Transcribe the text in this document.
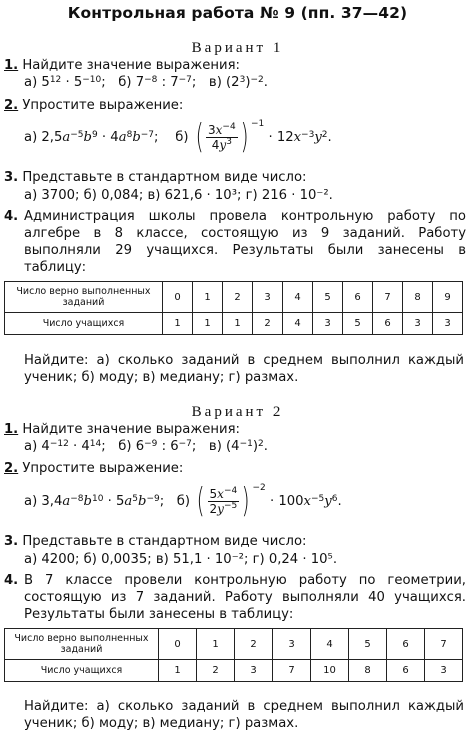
Контрольная работа № 9 (пп. 37—42)
Вариант 1
1. Найдите значение выражения:
а) $5^{12} \cdot 5^{-10}$;   б) $7^{-8}$ : $7^{-7}$;   в) $(2^3)^{-2}$.
2. Упростите выражение:
а) $2,5a^{-5}b^9 \cdot 4a^8b^{-7}$;    б) ( $\frac{3x^{-4}}{4y^3}$ ) $^{-1} \cdot 12x^{-3}y^2$.
3. Представьте в стандартном виде число:
а) 3700; б) 0,084; в) 621,6 · 10³; г) 216 · 10⁻².
4. Администрация школы провела контрольную работу по алгебре в 8 классе, состоящую из 9 заданий. Работу выполняли 29 учащихся. Результаты были занесены в таблицу:
Число верно выполненных заданий	0	1	2	3	4	5	6	7	8	9
Число учащихся	1	1	1	2	4	3	5	6	3	3
Найдите: а) сколько заданий в среднем выполнил каждый ученик; б) моду; в) медиану; г) размах.
Вариант 2
1. Найдите значение выражения:
а) $4^{-12} \cdot 4^{14}$;   б) $6^{-9}$ : $6^{-7}$;   в) $(4^{-1})^2$.
2. Упростите выражение:
а) $3,4a^{-8}b^{10} \cdot 5a^5b^{-9}$;   б) ( $\frac{5x^{-4}}{2y^{-5}}$ ) $^{-2} \cdot 100x^{-5}y^6$.
3. Представьте в стандартном виде число:
а) 4200; б) 0,0035; в) 51,1 · 10⁻²; г) 0,24 · 10⁵.
4. В 7 классе провели контрольную работу по геометрии, состоящую из 7 заданий. Работу выполняли 40 учащихся. Результаты были занесены в таблицу:
Число верно выполненных заданий	0	1	2	3	4	5	6	7
Число учащихся	1	2	3	7	10	8	6	3
Найдите: а) сколько заданий в среднем выполнил каждый ученик; б) моду; в) медиану; г) размах.
